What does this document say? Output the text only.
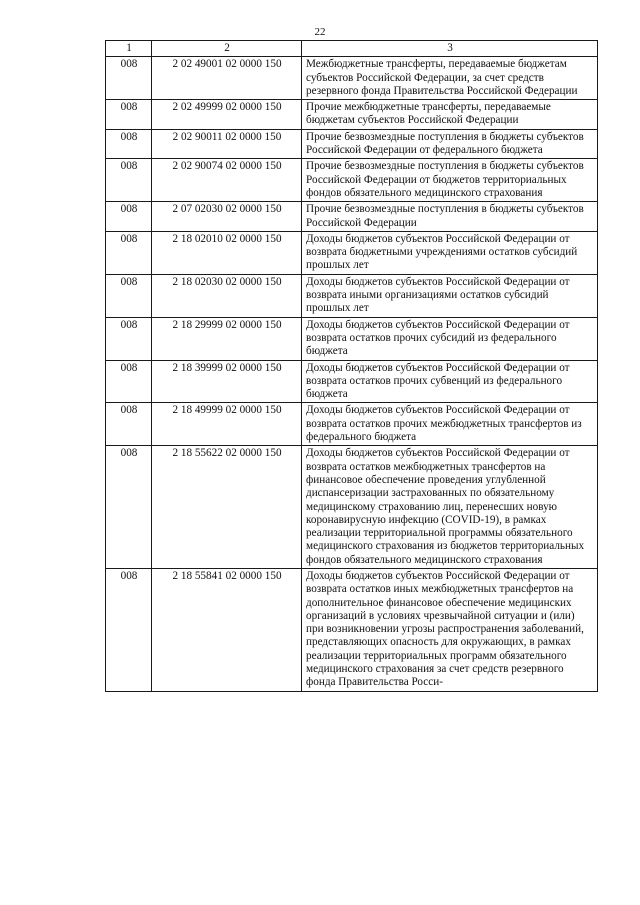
22
1	2	3
008	2 02 49001 02 0000 150	Межбюджетные трансферты, передаваемые бюджетам субъектов Российской Федерации, за счет средств резервного фонда Правительства Российской Федерации
008	2 02 49999 02 0000 150	Прочие межбюджетные трансферты, передаваемые бюджетам субъектов Российской Федерации
008	2 02 90011 02 0000 150	Прочие безвозмездные поступления в бюджеты субъектов Российской Федерации от федерального бюджета
008	2 02 90074 02 0000 150	Прочие безвозмездные поступления в бюджеты субъектов Российской Федерации от бюджетов территориальных фондов обязательного медицинского страхования
008	2 07 02030 02 0000 150	Прочие безвозмездные поступления в бюджеты субъектов Российской Федерации
008	2 18 02010 02 0000 150	Доходы бюджетов субъектов Российской Федерации от возврата бюджетными учреждениями остатков субсидий прошлых лет
008	2 18 02030 02 0000 150	Доходы бюджетов субъектов Российской Федерации от возврата иными организациями остатков субсидий прошлых лет
008	2 18 29999 02 0000 150	Доходы бюджетов субъектов Российской Федерации от возврата остатков прочих субсидий из федерального бюджета
008	2 18 39999 02 0000 150	Доходы бюджетов субъектов Российской Федерации от возврата остатков прочих субвенций из федерального бюджета
008	2 18 49999 02 0000 150	Доходы бюджетов субъектов Российской Федерации от возврата остатков прочих межбюджетных трансфертов из федерального бюджета
008	2 18 55622 02 0000 150	Доходы бюджетов субъектов Российской Федерации от возврата остатков межбюджетных трансфертов на финансовое обеспечение проведения углубленной диспансеризации застрахованных по обязательному медицинскому страхованию лиц, перенесших новую коронавирусную инфекцию (COVID-19), в рамках реализации территориальной программы обязательного медицинского страхования из бюджетов территориальных фондов обязательного медицинского страхования
008	2 18 55841 02 0000 150	Доходы бюджетов субъектов Российской Федерации от возврата остатков иных межбюджетных трансфертов на дополнительное финансовое обеспечение медицинских организаций в условиях чрезвычайной ситуации и (или) при возникновении угрозы распространения заболеваний, представляющих опасность для окружающих, в рамках реализации территориальных программ обязательного медицинского страхования за счет средств резервного фонда Правительства Росси-
